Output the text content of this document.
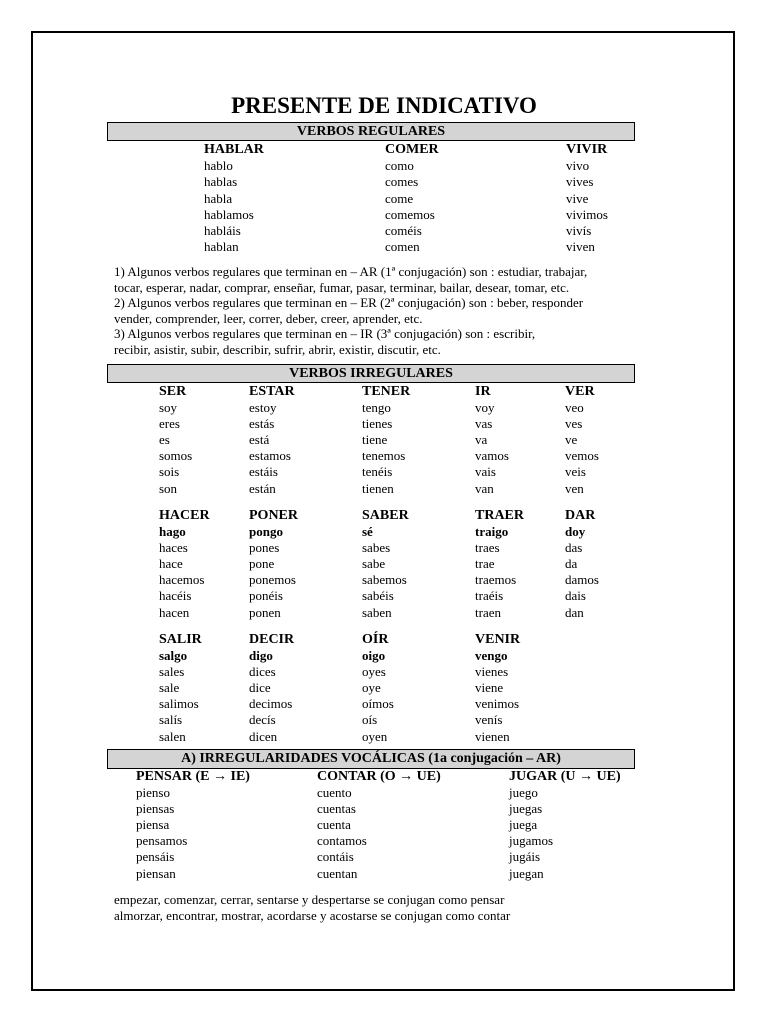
PRESENTE DE INDICATIVO
VERBOS REGULARES
HABLAR
hablo
hablas
habla
hablamos
habláis
hablan
COMER
como
comes
come
comemos
coméis
comen
VIVIR
vivo
vives
vive
vivimos
vivís
viven
1) Algunos verbos regulares que terminan en – AR (1ª conjugación) son : estudiar, trabajar,
tocar, esperar, nadar, comprar, enseñar, fumar, pasar, terminar, bailar, desear, tomar, etc.
2) Algunos verbos regulares que terminan en – ER (2ª conjugación) son : beber, responder
vender, comprender, leer, correr, deber, creer, aprender, etc.
3) Algunos verbos regulares que terminan en – IR (3ª conjugación) son : escribir,
recibir, asistir, subir, describir, sufrir, abrir, existir, discutir, etc.
VERBOS IRREGULARES
SER
soy
eres
es
somos
sois
son
ESTAR
estoy
estás
está
estamos
estáis
están
TENER
tengo
tienes
tiene
tenemos
tenéis
tienen
IR
voy
vas
va
vamos
vais
van
VER
veo
ves
ve
vemos
veis
ven
HACER
hago
haces
hace
hacemos
hacéis
hacen
PONER
pongo
pones
pone
ponemos
ponéis
ponen
SABER
sé
sabes
sabe
sabemos
sabéis
saben
TRAER
traigo
traes
trae
traemos
traéis
traen
DAR
doy
das
da
damos
dais
dan
SALIR
salgo
sales
sale
salimos
salís
salen
DECIR
digo
dices
dice
decimos
decís
dicen
OÍR
oigo
oyes
oye
oímos
oís
oyen
VENIR
vengo
vienes
viene
venimos
venís
vienen
A) IRREGULARIDADES VOCÁLICAS (1a conjugación – AR)
PENSAR (E → IE)
pienso
piensas
piensa
pensamos
pensáis
piensan
CONTAR (O → UE)
cuento
cuentas
cuenta
contamos
contáis
cuentan
JUGAR (U → UE)
juego
juegas
juega
jugamos
jugáis
juegan
empezar, comenzar, cerrar, sentarse y despertarse se conjugan como pensar
almorzar, encontrar, mostrar, acordarse y acostarse se conjugan como contar
